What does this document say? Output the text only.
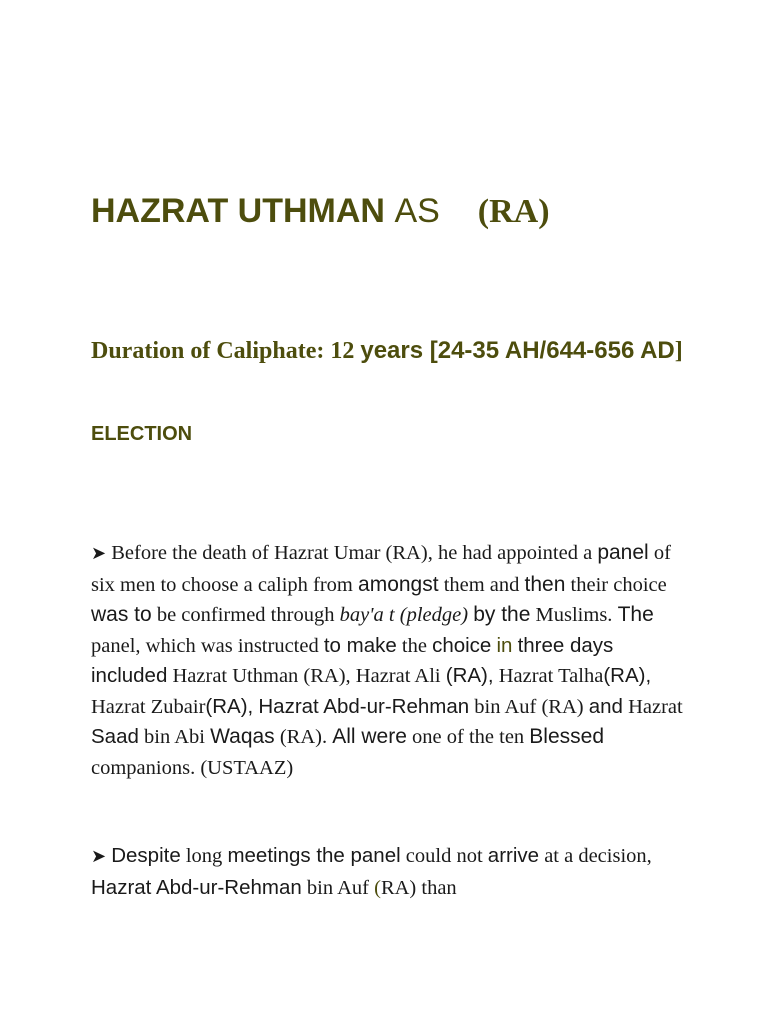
HAZRAT UTHMAN AS (RA)
Duration of Caliphate: 12 years [24-35 AH/644-656 AD]
ELECTION

➤ Before the death of Hazrat Umar (RA), he had appointed a panel of six men to choose a caliph from amongst them and then their choice was to be confirmed through bay'a t (pledge) by the Muslims. The panel, which was instructed to make the choice in three days included Hazrat Uthman (RA), Hazrat Ali (RA), Hazrat Talha(RA), Hazrat Zubair(RA), Hazrat Abd-ur-Rehman bin Auf (RA) and Hazrat Saad bin Abi Waqas (RA). All were one of the ten Blessed companions. (USTAAZ)

➤ Despite long meetings the panel could not arrive at a decision, Hazrat Abd-ur-Rehman bin Auf (RA) than
